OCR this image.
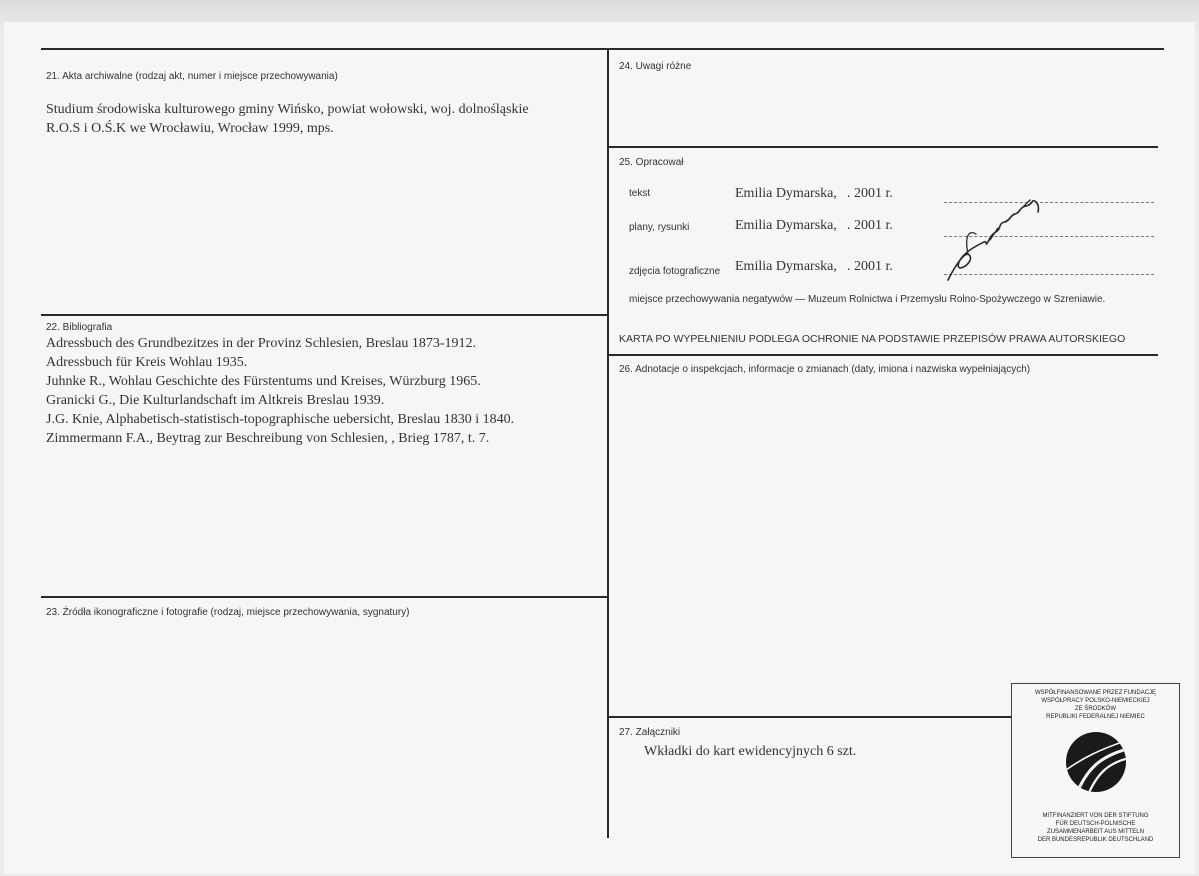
21. Akta archiwalne (rodzaj akt, numer i miejsce przechowywania)
Studium środowiska kulturowego gminy Wińsko, powiat wołowski, woj. dolnośląskie
R.O.S i O.Ś.K we Wrocławiu, Wrocław 1999, mps.
22. Bibliografia
Adressbuch des Grundbezitzes in der Provinz Schlesien, Breslau 1873-1912.
Adressbuch für Kreis Wohlau 1935.
Juhnke R., Wohlau Geschichte des Fürstentums und Kreises, Würzburg 1965.
Granicki G., Die Kulturlandschaft im Altkreis Breslau 1939.
J.G. Knie, Alphabetisch-statistisch-topographische uebersicht, Breslau 1830 i 1840.
Zimmermann F.A., Beytrag zur Beschreibung von Schlesien, , Brieg 1787, t. 7.
23. Źródła ikonograficzne i fotografie (rodzaj, miejsce przechowywania, sygnatury)
24. Uwagi różne
25. Opracował
tekst	Emilia Dymarska, . 2001 r.
plany, rysunki	Emilia Dymarska, . 2001 r.
zdjęcia fotograficzne Emilia Dymarska, . 2001 r.
miejsce przechowywania negatywów — Muzeum Rolnictwa i Przemysłu Rolno-Spożywczego w Szreniawie.
KARTA PO WYPEŁNIENIU PODLEGA OCHRONIE NA PODSTAWIE PRZEPISÓW PRAWA AUTORSKIEGO
26. Adnotacje o inspekcjach, informacje o zmianach (daty, imiona i nazwiska wypełniających)
27. Załączniki
Wkładki do kart ewidencyjnych 6 szt.
WSPÓŁFINANSOWANE PRZEZ FUNDACJĘ
WSPÓŁPRACY POLSKO-NIEMIECKIEJ
ZE ŚRODKÓW
REPUBLIKI FEDERALNEJ NIEMIEC
MITFINANZIERT VON DER STIFTUNG
FÜR DEUTSCH-POLNISCHE
ZUSAMMENARBEIT AUS MITTELN
DER BUNDESREPUBLIK DEUTSCHLAND
